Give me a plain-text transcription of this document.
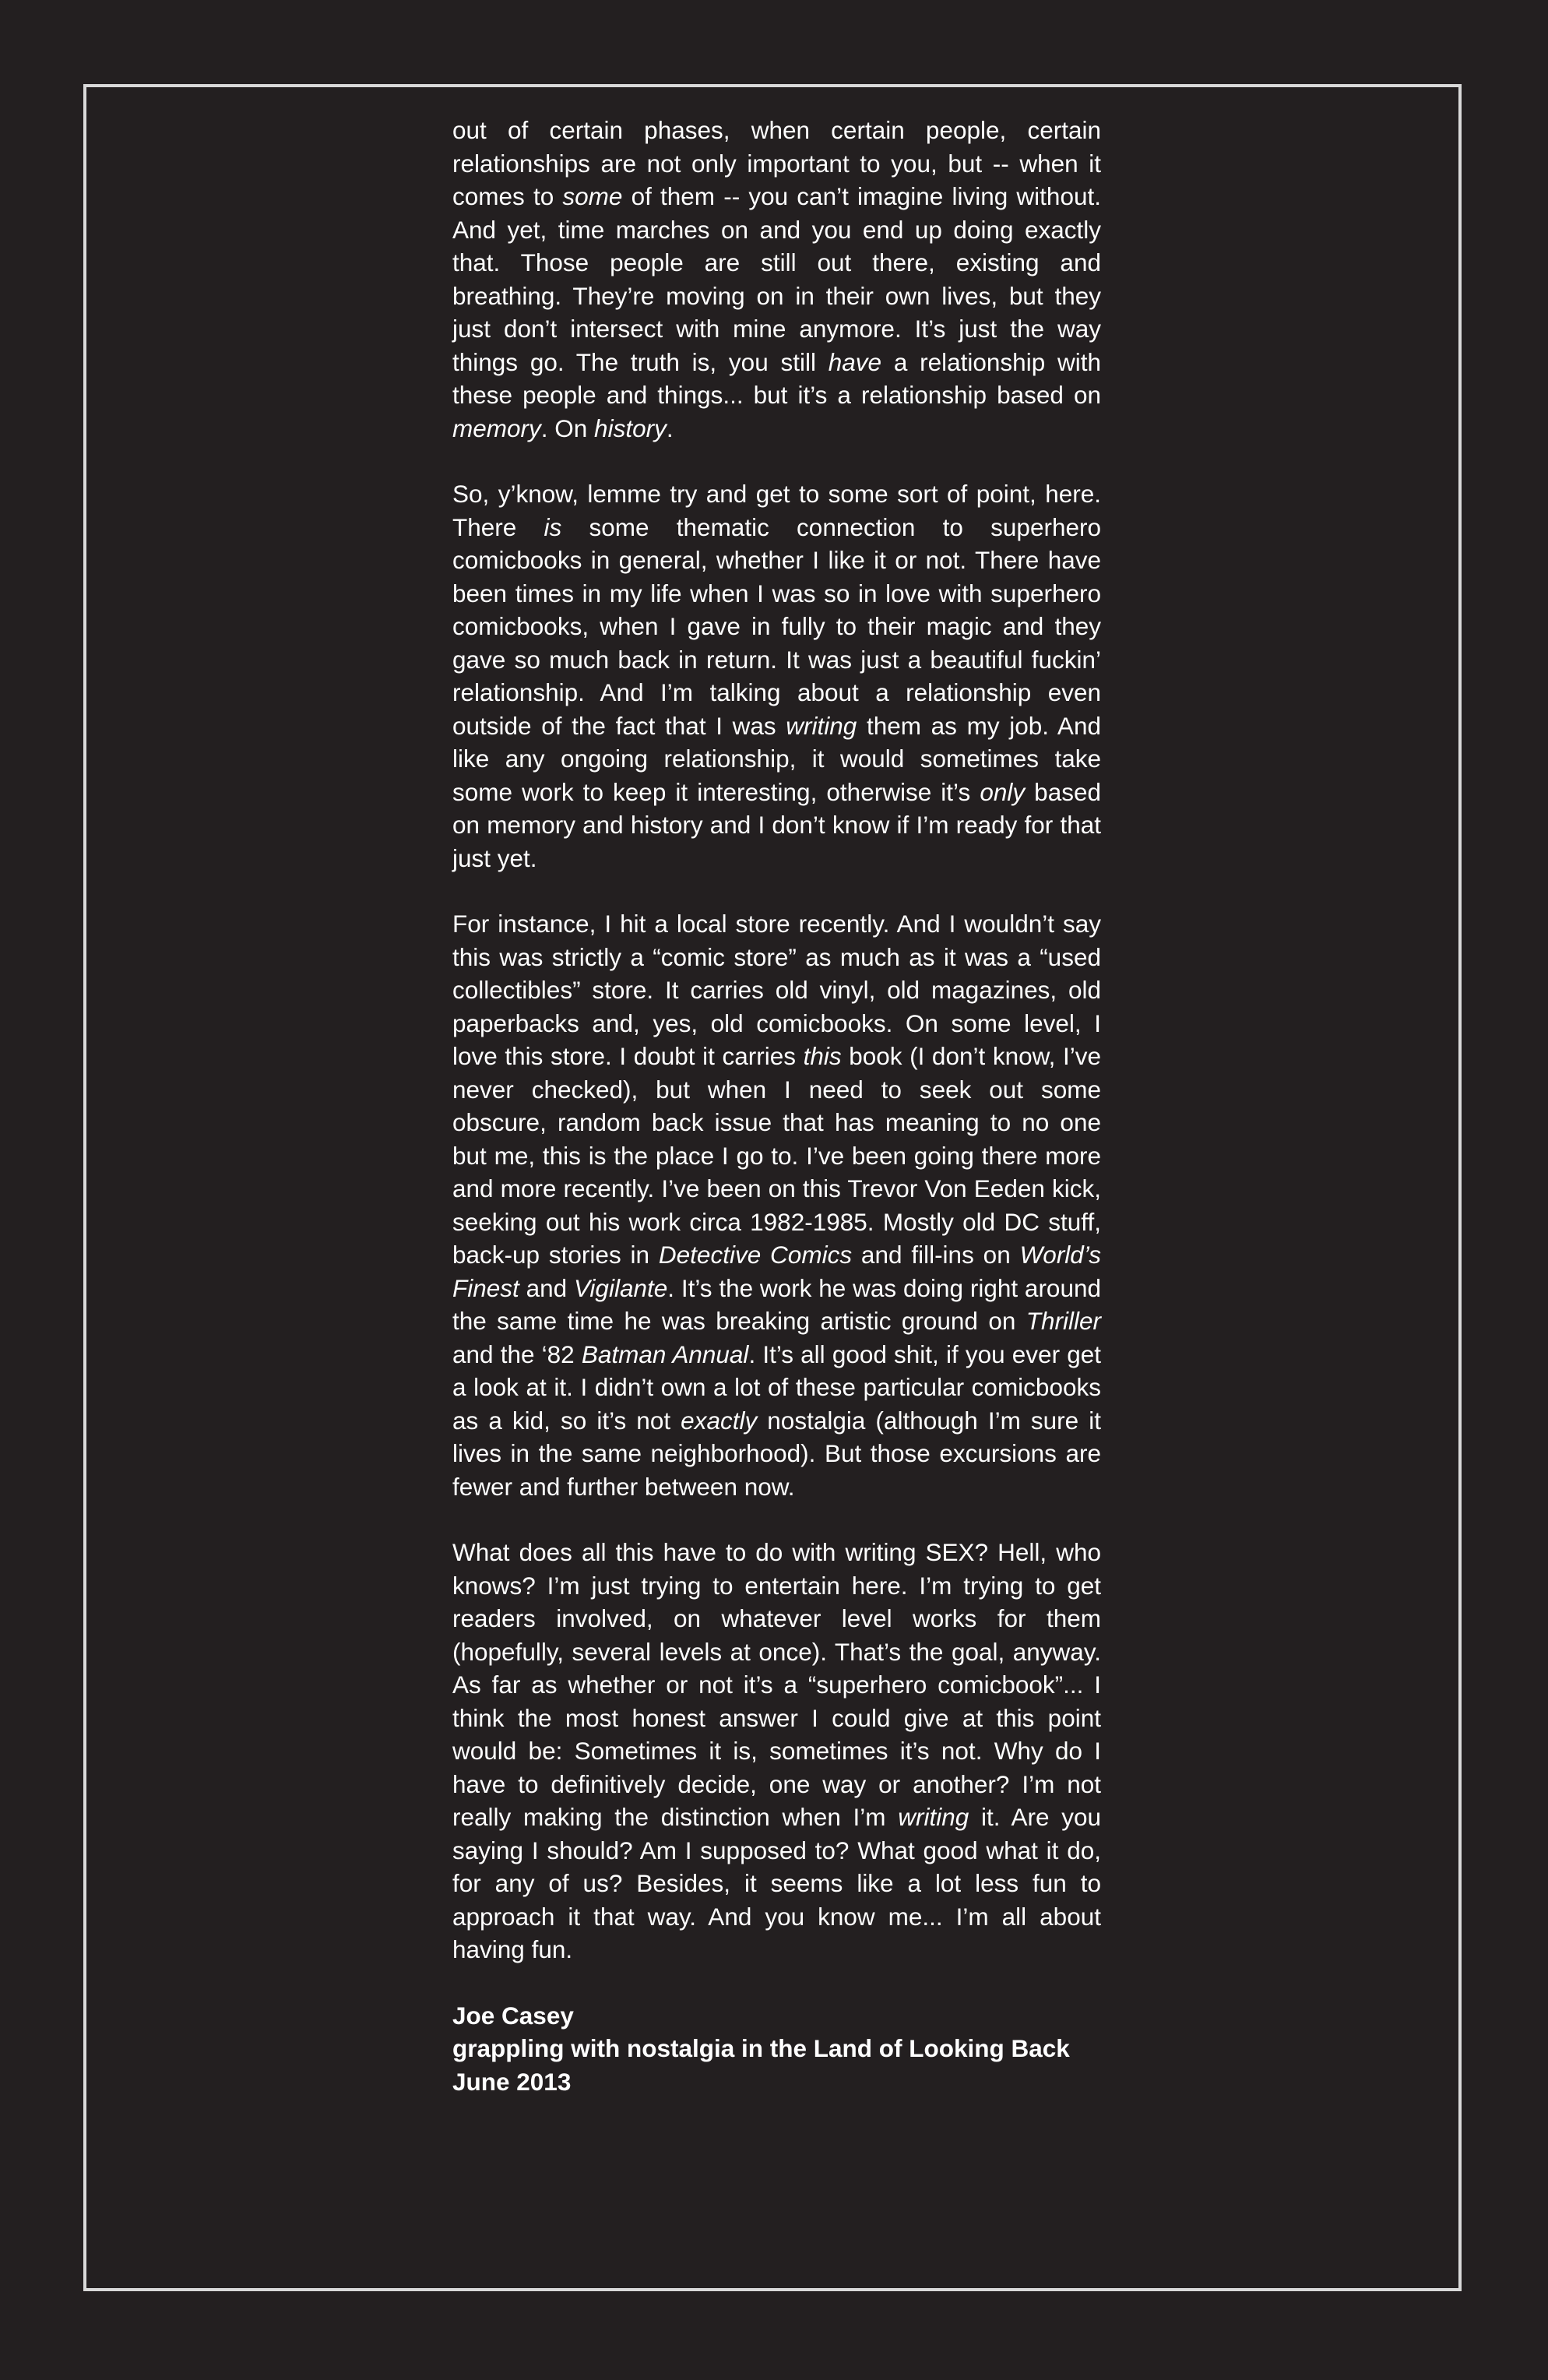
out of certain phases, when certain people, certain relationships are not only important to you, but -- when it comes to some of them -- you can’t imagine living without. And yet, time marches on and you end up doing exactly that. Those people are still out there, existing and breathing. They’re moving on in their own lives, but they just don’t intersect with mine anymore. It’s just the way things go. The truth is, you still have a relationship with these people and things... but it’s a relationship based on memory. On history.

So, y’know, lemme try and get to some sort of point, here. There is some thematic connection to superhero comicbooks in general, whether I like it or not. There have been times in my life when I was so in love with superhero comicbooks, when I gave in fully to their magic and they gave so much back in return. It was just a beautiful fuckin’ relationship. And I’m talking about a relationship even outside of the fact that I was writing them as my job. And like any ongoing relationship, it would sometimes take some work to keep it interesting, otherwise it’s only based on memory and history and I don’t know if I’m ready for that just yet.

For instance, I hit a local store recently. And I wouldn’t say this was strictly a “comic store” as much as it was a “used collectibles” store. It carries old vinyl, old magazines, old paperbacks and, yes, old comicbooks. On some level, I love this store. I doubt it carries this book (I don’t know, I’ve never checked), but when I need to seek out some obscure, random back issue that has meaning to no one but me, this is the place I go to. I’ve been going there more and more recently. I’ve been on this Trevor Von Eeden kick, seeking out his work circa 1982-1985. Mostly old DC stuff, back-up stories in Detective Comics and fill-ins on World’s Finest and Vigilante. It’s the work he was doing right around the same time he was breaking artistic ground on Thriller and the ‘82 Batman Annual. It’s all good shit, if you ever get a look at it. I didn’t own a lot of these particular comicbooks as a kid, so it’s not exactly nostalgia (although I’m sure it lives in the same neighborhood). But those excursions are fewer and further between now.

What does all this have to do with writing SEX? Hell, who knows? I’m just trying to entertain here. I’m trying to get readers involved, on whatever level works for them (hopefully, several levels at once). That’s the goal, anyway. As far as whether or not it’s a “superhero comicbook”... I think the most honest answer I could give at this point would be: Sometimes it is, sometimes it’s not. Why do I have to definitively decide, one way or another? I’m not really making the distinction when I’m writing it. Are you saying I should? Am I supposed to? What good what it do, for any of us? Besides, it seems like a lot less fun to approach it that way. And you know me... I’m all about having fun.

Joe Casey
grappling with nostalgia in the Land of Looking Back
June 2013
